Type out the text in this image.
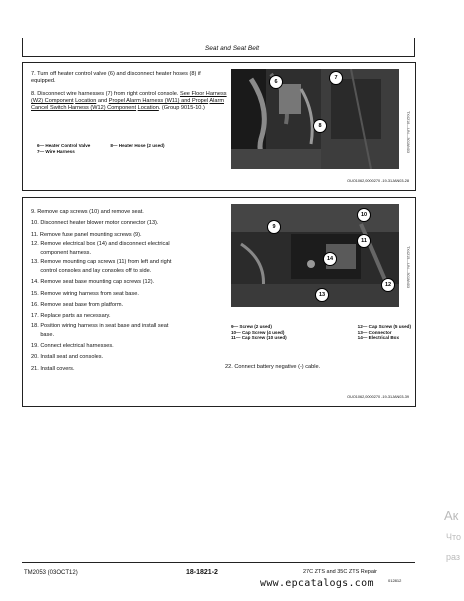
Seat and Seat Belt
7. Turn off heater control valve (6) and disconnect heater hoses (8) if equipped.
8. Disconnect wire harnesses (7) from right control console. See Floor Harness (W2) Component Location and Propel Alarm Harness (W11) and Propel Alarm Cancel Switch Harness (W12) Component Location. (Group 9015-10.)
6— Heater Control Valve	8— Heater Hose (2 used)
7— Wire Harness
6
7
8	TX4216—UN—30JAN03
OUO1062,0000270 -19-31JAN03-28
9. Remove cap screws (10) and remove seat.
10. Disconnect heater blower motor connector (13).
11. Remove fuse panel mounting screws (9).
12. Remove electrical box (14) and disconnect electrical
component harness.
13. Remove mounting cap screws (11) from left and right
control consoles and lay consoles off to side.
14. Remove seat base mounting cap screws (12).
15. Remove wiring harness from seat base.
16. Remove seat base from platform.
17. Replace parts as necessary.
18. Position wiring harness in seat base and install seat
base.
19. Connect electrical harnesses.
20. Install seat and consoles.
21. Install covers.
10
9
11
14
12
13
TX4215—UN—30JAN03
9— Screw (2 used)
10— Cap Screw (4 used)
11— Cap Screw (10 used)
12— Cap Screw (5 used)
13— Connector
14— Electrical Box
22. Connect battery negative (-) cable.
OUO1062,0000270 -19-31JAN03-39
TM2053 (03OCT12)	18-1821-2	27C ZTS and 35C ZTS Repair
012812
www.epcatalogs.com
Ак
Что
раз
